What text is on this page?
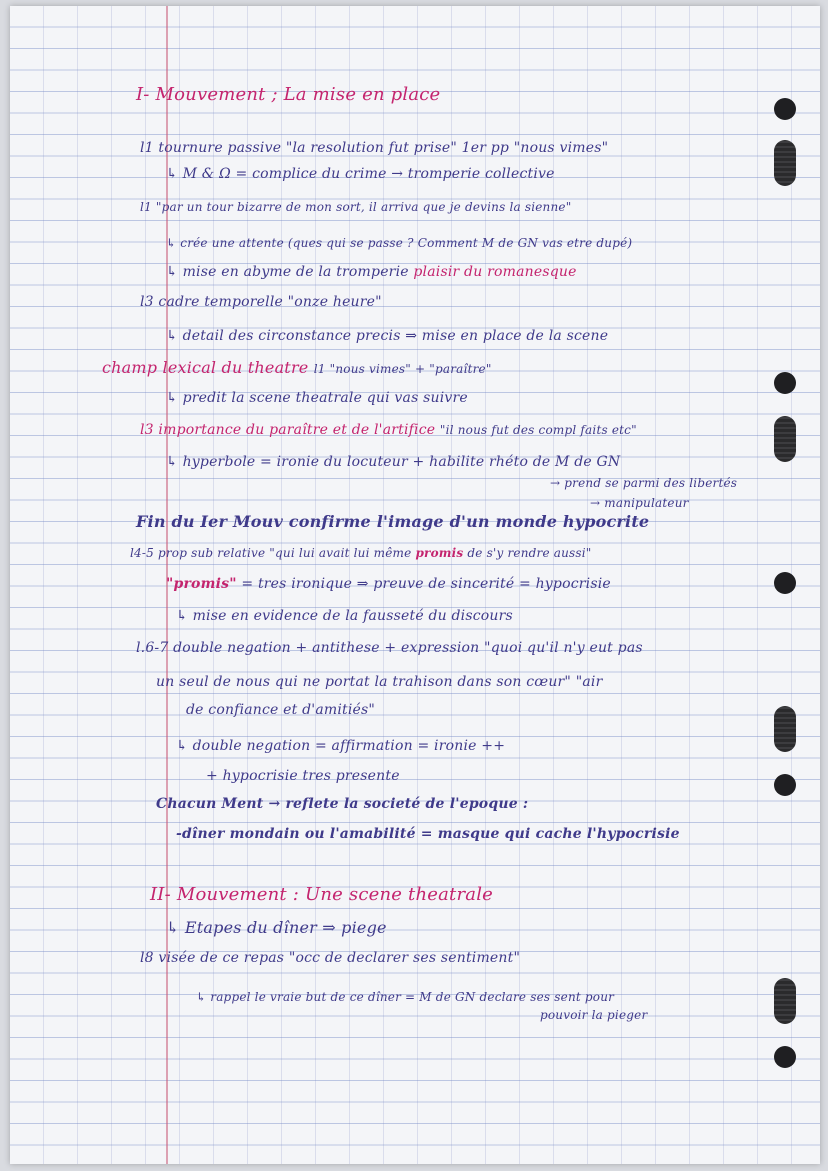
I- Mouvement ; La mise en place
l1 tournure passive "la resolution fut prise" 1er pp "nous vimes"
↳ M & Ω = complice du crime → tromperie collective
l1 "par un tour bizarre de mon sort, il arriva que je devins la sienne"
↳ crée une attente (ques qui se passe ? Comment M de GN vas etre dupé)
↳ mise en abyme de la tromperie plaisir du romanesque
l3 cadre temporelle "onze heure"
↳ detail des circonstance precis ⇒ mise en place de la scene
champ lexical du theatre l1 "nous vimes" + "paraître"
↳ predit la scene theatrale qui vas suivre
l3 importance du paraître et de l'artifice "il nous fut des compl faits etc"
↳ hyperbole = ironie du locuteur + habilite rhéto de M de GN
→ prend se parmi des libertés
→ manipulateur
Fin du Ier Mouv confirme l'image d'un monde hypocrite
l4-5 prop sub relative "qui lui avait lui même promis de s'y rendre aussi"
"promis" = tres ironique ⇒ preuve de sincerité = hypocrisie
↳ mise en evidence de la fausseté du discours
l.6-7 double negation + antithese + expression "quoi qu'il n'y eut pas
un seul de nous qui ne portat la trahison dans son cœur" "air
de confiance et d'amitiés"
↳ double negation = affirmation = ironie ++
+ hypocrisie tres presente
Chacun Ment → reflete la societé de l'epoque :
-dîner mondain ou l'amabilité = masque qui cache l'hypocrisie
II- Mouvement : Une scene theatrale
↳ Etapes du dîner ⇒ piege
l8 visée de ce repas "occ de declarer ses sentiment"
↳ rappel le vraie but de ce dîner = M de GN declare ses sent pour
pouvoir la pieger
